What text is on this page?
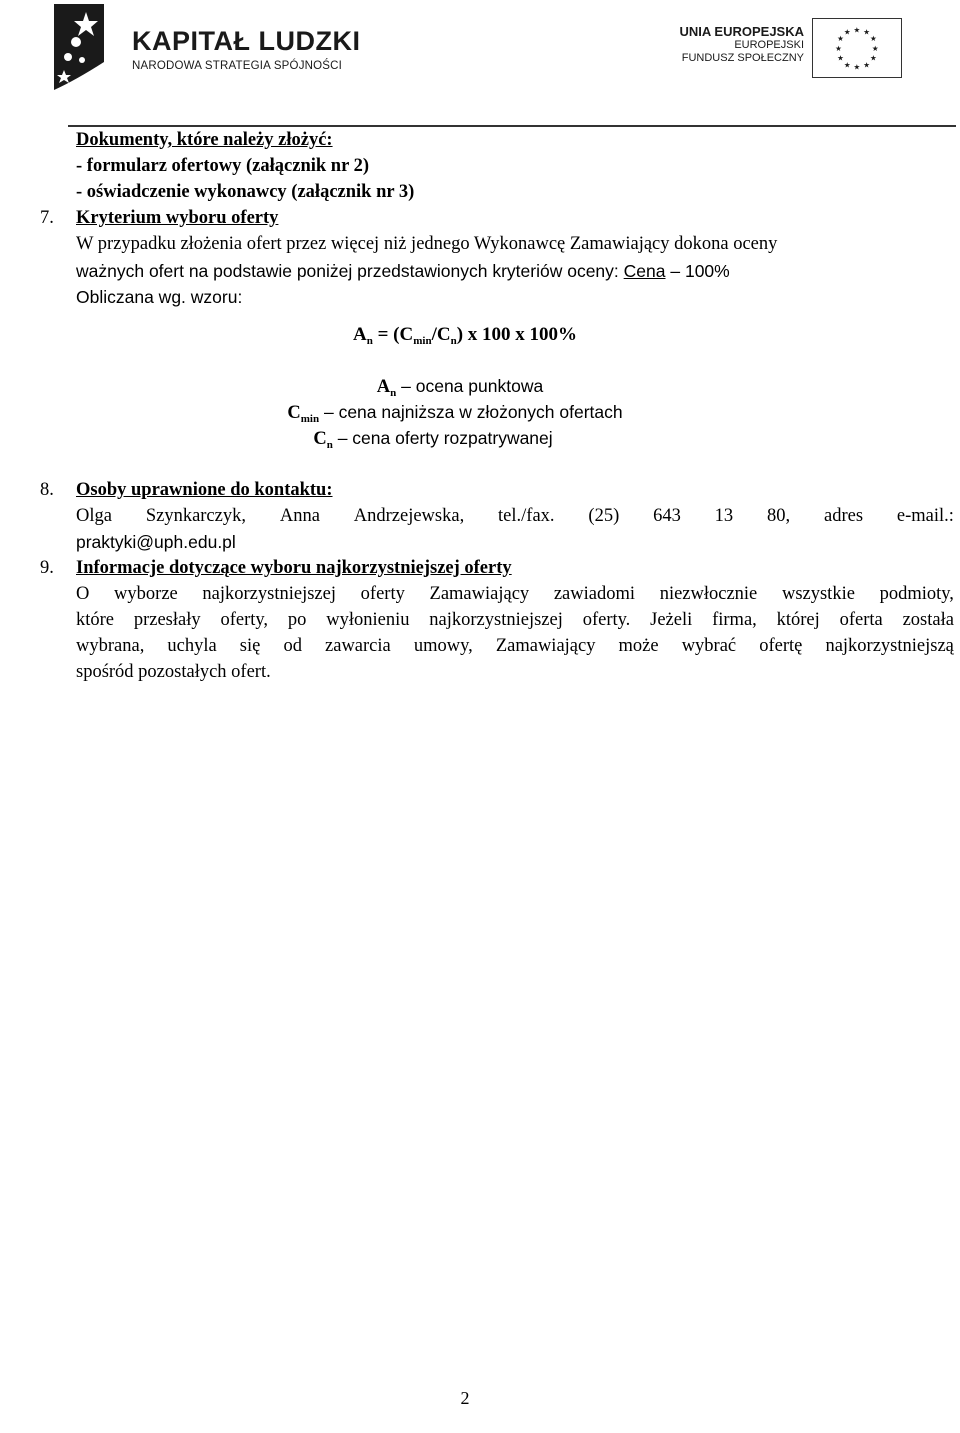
KAPITAŁ LUDZKI
NARODOWA STRATEGIA SPÓJNOŚCI
UNIA EUROPEJSKA
EUROPEJSKI
FUNDUSZ SPOŁECZNY
★ ★
★
★
★
★
★
★
★
★
★
★
Dokumenty, które należy złożyć:
- formularz ofertowy (załącznik nr 2)
- oświadczenie wykonawcy (załącznik nr 3)
7. Kryterium wyboru oferty
W przypadku złożenia ofert przez więcej niż jednego Wykonawcę Zamawiający dokona oceny
ważnych ofert na podstawie poniżej przedstawionych kryteriów oceny: Cena – 100%
Obliczana wg. wzoru:
$A_n = (C_{min}/C_n)$ x 100 x 100%
$A_n$ – ocena punktowa
$C_{min}$ – cena najniższa w złożonych ofertach
$C_n$ – cena oferty rozpatrywanej
8. Osoby uprawnione do kontaktu:
Olga Szynkarczyk, Anna Andrzejewska, tel./fax. (25) 643 13 80, adres e-mail.:
praktyki@uph.edu.pl
9. Informacje dotyczące wyboru najkorzystniejszej oferty
O wyborze najkorzystniejszej oferty Zamawiający zawiadomi niezwłocznie wszystkie podmioty,
które przesłały oferty, po wyłonieniu najkorzystniejszej oferty. Jeżeli firma, której oferta została
wybrana, uchyla się od zawarcia umowy, Zamawiający może wybrać ofertę najkorzystniejszą
spośród pozostałych ofert.
2
